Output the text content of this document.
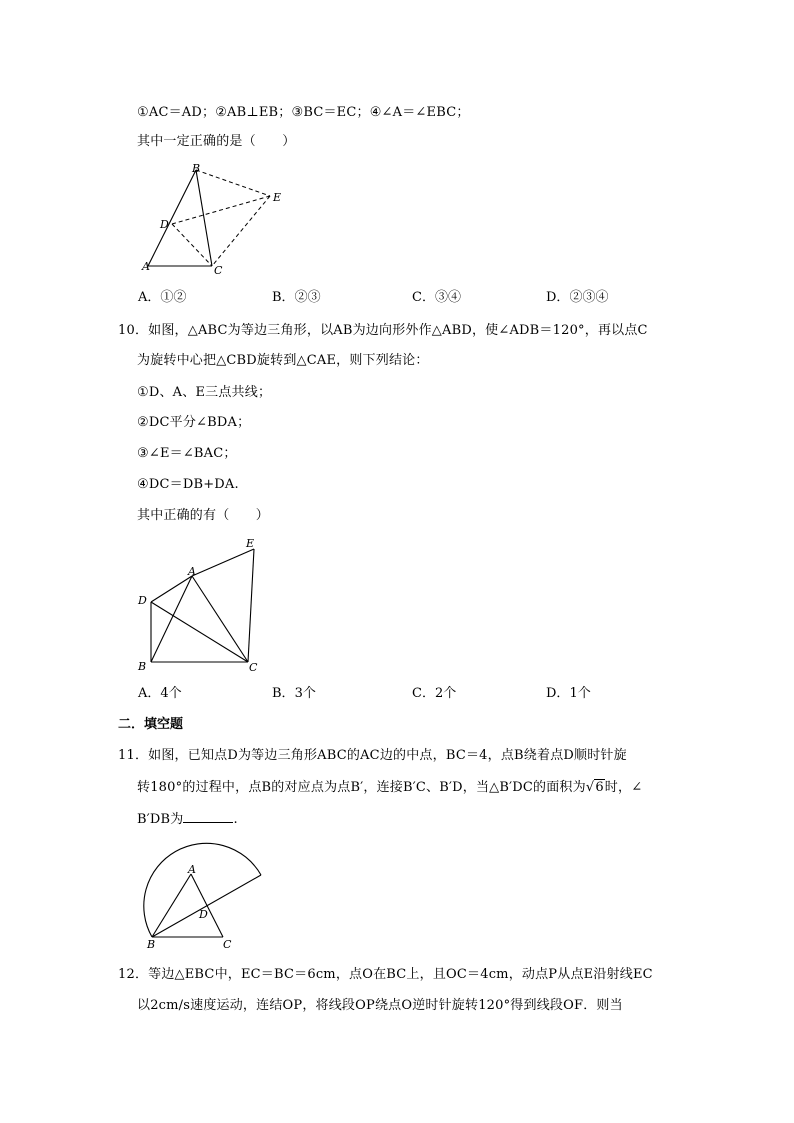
①AC＝AD；②AB⊥EB；③BC＝EC；④∠A＝∠EBC；
其中一定正确的是（　　）
B
E
D
A	C
A．①②	B．②③	C．③④	D．②③④
10．如图，△ABC为等边三角形，以AB为边向形外作△ABD，使∠ADB＝120°，再以点C
为旋转中心把△CBD旋转到△CAE，则下列结论：
①D、A、E三点共线；
②DC平分∠BDA；
③∠E＝∠BAC；
④DC＝DB+DA.
其中正确的有（　　）
E
A
D
B	C
A．4个	B．3个	C．2个	D．1个
二．填空题
11．如图，已知点D为等边三角形ABC的AC边的中点，BC＝4，点B绕着点D顺时针旋
转180°的过程中，点B的对应点为点B′，连接B′C、B′D，当△B′DC的面积为√6时，∠
B′DB为	.
A
D
B	C
12．等边△EBC中，EC＝BC＝6cm，点O在BC上，且OC＝4cm，动点P从点E沿射线EC
以2cm/s速度运动，连结OP，将线段OP绕点O逆时针旋转120°得到线段OF．则当
